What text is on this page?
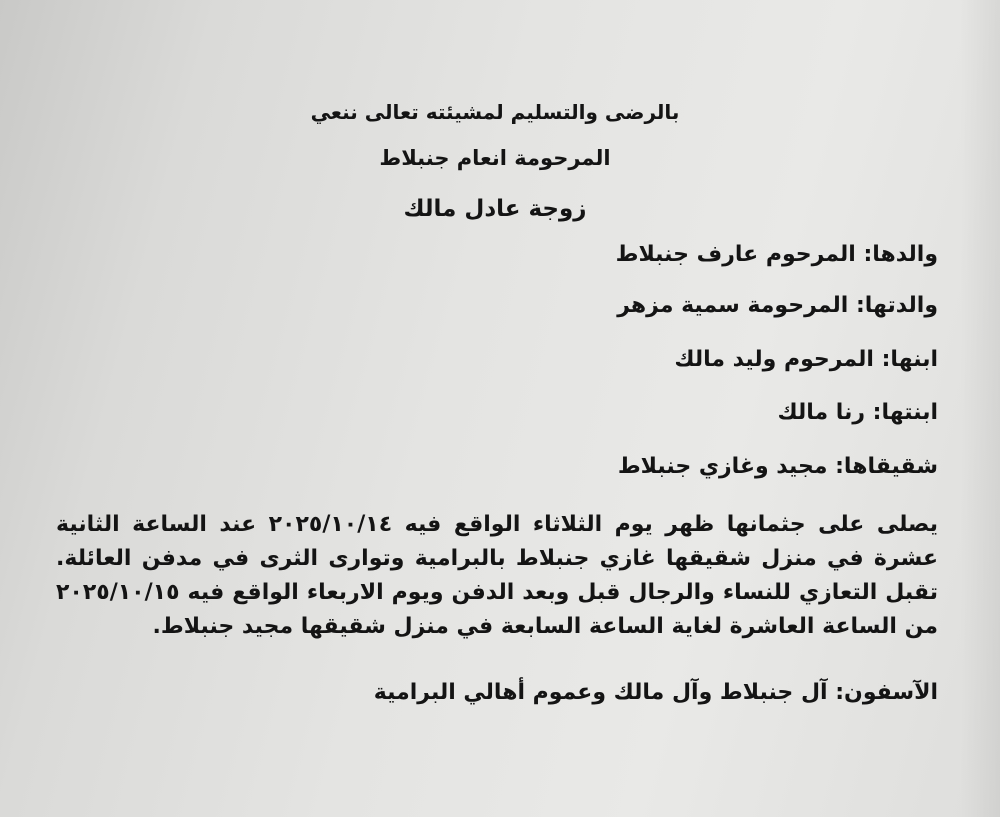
بالرضى والتسليم لمشيئته تعالى ننعي

المرحومة انعام جنبلاط

زوجة عادل مالك

والدها: المرحوم عارف جنبلاط

والدتها: المرحومة سمية مزهر

ابنها: المرحوم وليد مالك

ابنتها: رنا مالك

شقيقاها: مجيد وغازي جنبلاط

يصلى على جثمانها ظهر يوم الثلاثاء الواقع فيه ٢٠٢٥/١٠/١٤ عند الساعة الثانية عشرة في منزل شقيقها غازي جنبلاط بالبرامية وتوارى الثرى في مدفن العائلة. تقبل التعازي للنساء والرجال قبل وبعد الدفن ويوم الاربعاء الواقع فيه ٢٠٢٥/١٠/١٥ من الساعة العاشرة لغاية الساعة السابعة في منزل شقيقها مجيد جنبلاط.

الآسفون: آل جنبلاط وآل مالك وعموم أهالي البرامية
